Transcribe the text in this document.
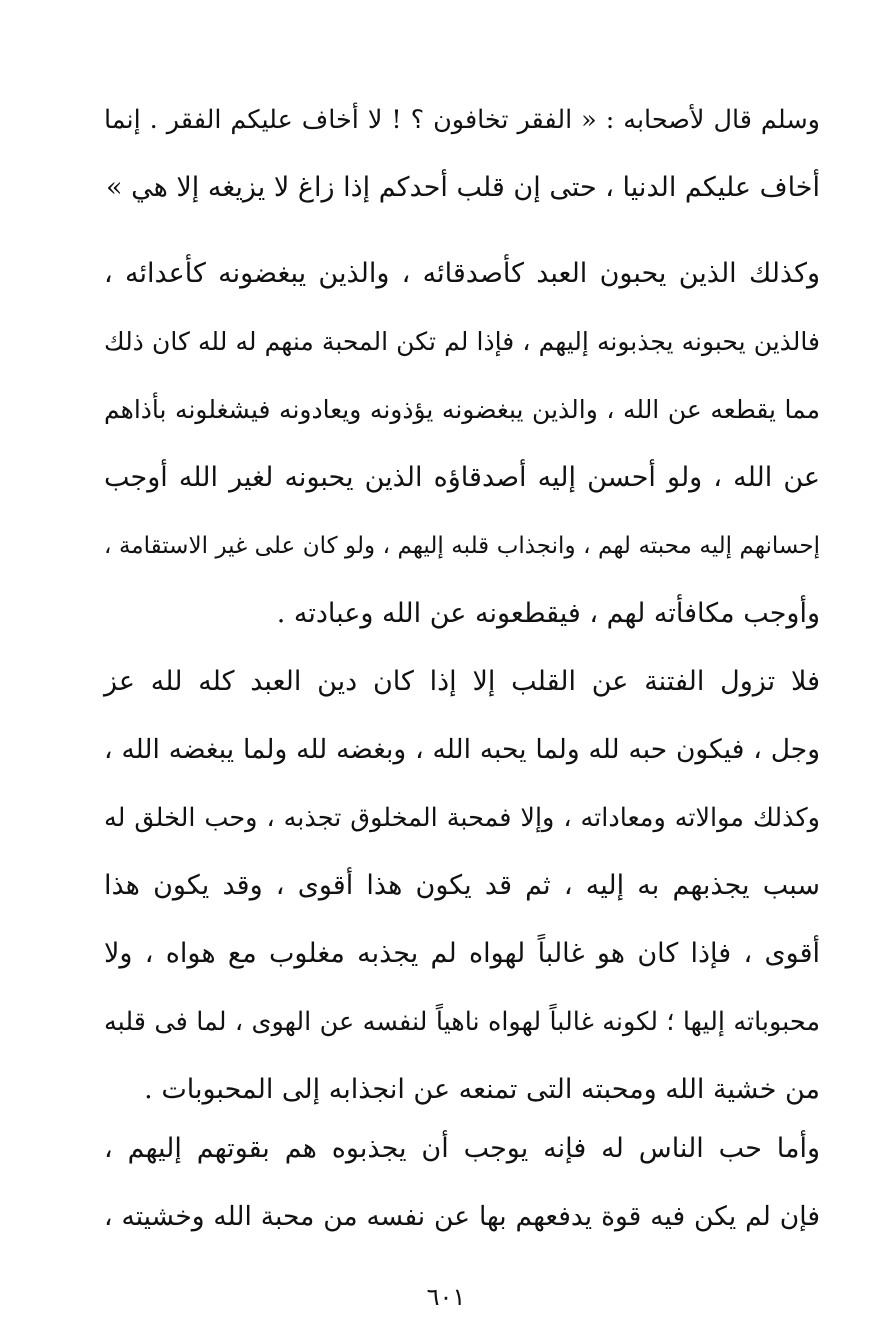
وسلم قال لأصحابه : « الفقر تخافون ؟ ! لا أخاف عليكم الفقر . إنما
أخاف عليكم الدنيا ، حتى إن قلب أحدكم إذا زاغ لا يزيغه إلا هي »
وكذلك الذين يحبون العبد كأصدقائه ، والذين يبغضونه كأعدائه ،
فالذين يحبونه يجذبونه إليهم ، فإذا لم تكن المحبة منهم له لله كان ذلك
مما يقطعه عن الله ، والذين يبغضونه يؤذونه ويعادونه فيشغلونه بأذاهم
عن الله ، ولو أحسن إليه أصدقاؤه الذين يحبونه لغير الله أوجب
إحسانهم إليه محبته لهم ، وانجذاب قلبه إليهم ، ولو كان على غير الاستقامة ،
وأوجب مكافأته لهم ، فيقطعونه عن الله وعبادته .
فلا تزول الفتنة عن القلب إلا إذا كان دين العبد كله لله عز
وجل ، فيكون حبه لله ولما يحبه الله ، وبغضه لله ولما يبغضه الله ،
وكذلك موالاته ومعاداته ، وإلا فمحبة المخلوق تجذبه ، وحب الخلق له
سبب يجذبهم به إليه ، ثم قد يكون هذا أقوى ، وقد يكون هذا
أقوى ، فإذا كان هو غالباً لهواه لم يجذبه مغلوب مع هواه ، ولا
محبوباته إليها ؛ لكونه غالباً لهواه ناهياً لنفسه عن الهوى ، لما فى قلبه
من خشية الله ومحبته التى تمنعه عن انجذابه إلى المحبوبات .
وأما حب الناس له فإنه يوجب أن يجذبوه هم بقوتهم إليهم ،
فإن لم يكن فيه قوة يدفعهم بها عن نفسه من محبة الله وخشيته ،
٦٠١
